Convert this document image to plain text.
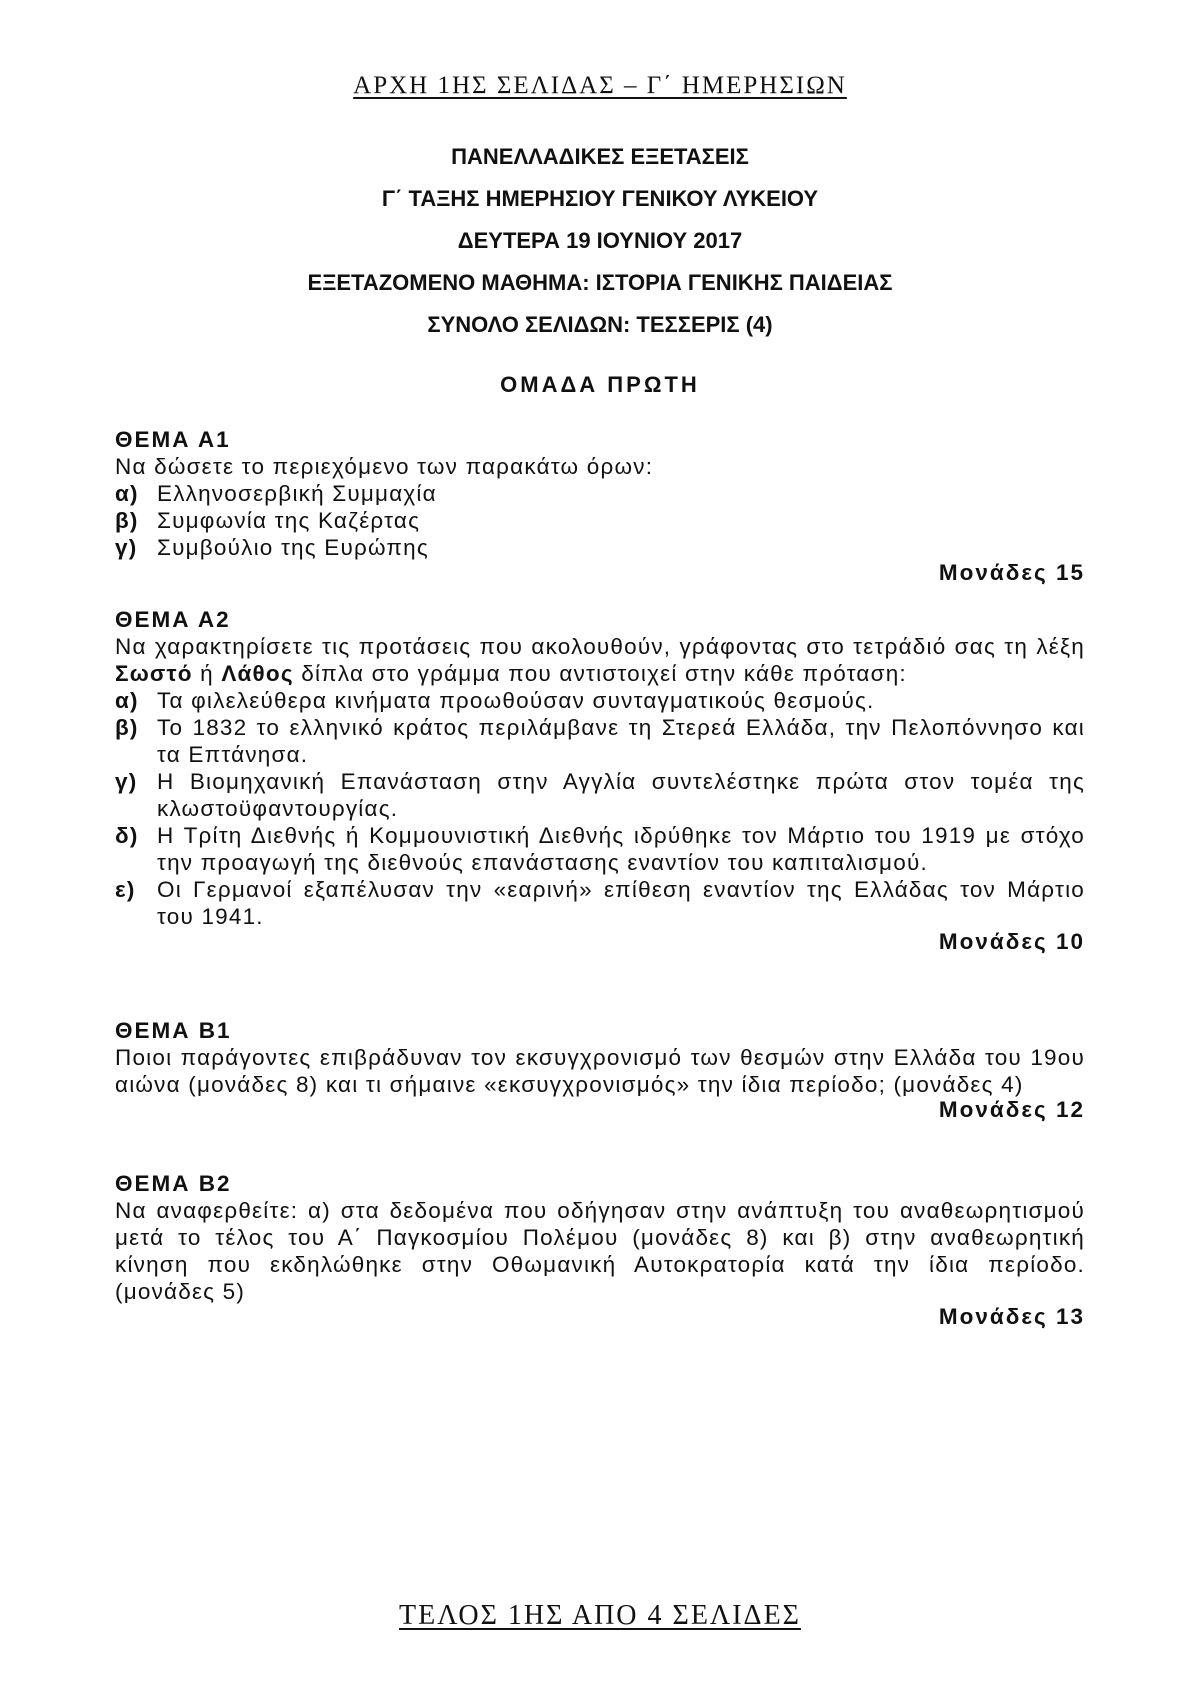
ΑΡΧΗ 1ΗΣ ΣΕΛΙΔΑΣ – Γ΄ ΗΜΕΡΗΣΙΩΝ
ΠΑΝΕΛΛΑΔΙΚΕΣ ΕΞΕΤΑΣΕΙΣ
Γ΄ ΤΑΞΗΣ ΗΜΕΡΗΣΙΟΥ ΓΕΝΙΚΟΥ ΛΥΚΕΙΟΥ
ΔΕΥΤΕΡΑ 19 ΙΟΥΝΙΟΥ 2017
ΕΞΕΤΑΖΟΜΕΝΟ ΜΑΘΗΜΑ: ΙΣΤΟΡΙΑ ΓΕΝΙΚΗΣ ΠΑΙΔΕΙΑΣ
ΣΥΝΟΛΟ ΣΕΛΙΔΩΝ: ΤΕΣΣΕΡΙΣ (4)
ΟΜΑΔΑ ΠΡΩΤΗ
ΘΕΜΑ Α1
Να δώσετε το περιεχόμενο των παρακάτω όρων:
α) Ελληνοσερβική Συμμαχία
β) Συμφωνία της Καζέρτας
γ) Συμβούλιο της Ευρώπης
Μονάδες 15
ΘΕΜΑ Α2
Να χαρακτηρίσετε τις προτάσεις που ακολουθούν, γράφοντας στο τετράδιό σας τη λέξη Σωστό ή Λάθος δίπλα στο γράμμα που αντιστοιχεί στην κάθε πρόταση:
α) Τα φιλελεύθερα κινήματα προωθούσαν συνταγματικούς θεσμούς.
β) Το 1832 το ελληνικό κράτος περιλάμβανε τη Στερεά Ελλάδα, την Πελοπόννησο και τα Επτάνησα.
γ) Η Βιομηχανική Επανάσταση στην Αγγλία συντελέστηκε πρώτα στον τομέα της κλωστοϋφαντουργίας.
δ) Η Τρίτη Διεθνής ή Κομμουνιστική Διεθνής ιδρύθηκε τον Μάρτιο του 1919 με στόχο την προαγωγή της διεθνούς επανάστασης εναντίον του καπιταλισμού.
ε) Οι Γερμανοί εξαπέλυσαν την «εαρινή» επίθεση εναντίον της Ελλάδας τον Μάρτιο του 1941.
Μονάδες 10
ΘΕΜΑ Β1
Ποιοι παράγοντες επιβράδυναν τον εκσυγχρονισμό των θεσμών στην Ελλάδα του 19ου αιώνα (μονάδες 8) και τι σήμαινε «εκσυγχρονισμός» την ίδια περίοδο; (μονάδες 4)
Μονάδες 12
ΘΕΜΑ Β2
Να αναφερθείτε: α) στα δεδομένα που οδήγησαν στην ανάπτυξη του αναθεωρητισμού μετά το τέλος του Α΄ Παγκοσμίου Πολέμου (μονάδες 8) και β) στην αναθεωρητική κίνηση που εκδηλώθηκε στην Οθωμανική Αυτοκρατορία κατά την ίδια περίοδο. (μονάδες 5)
Μονάδες 13
ΤΕΛΟΣ 1ΗΣ ΑΠΟ 4 ΣΕΛΙΔΕΣ
